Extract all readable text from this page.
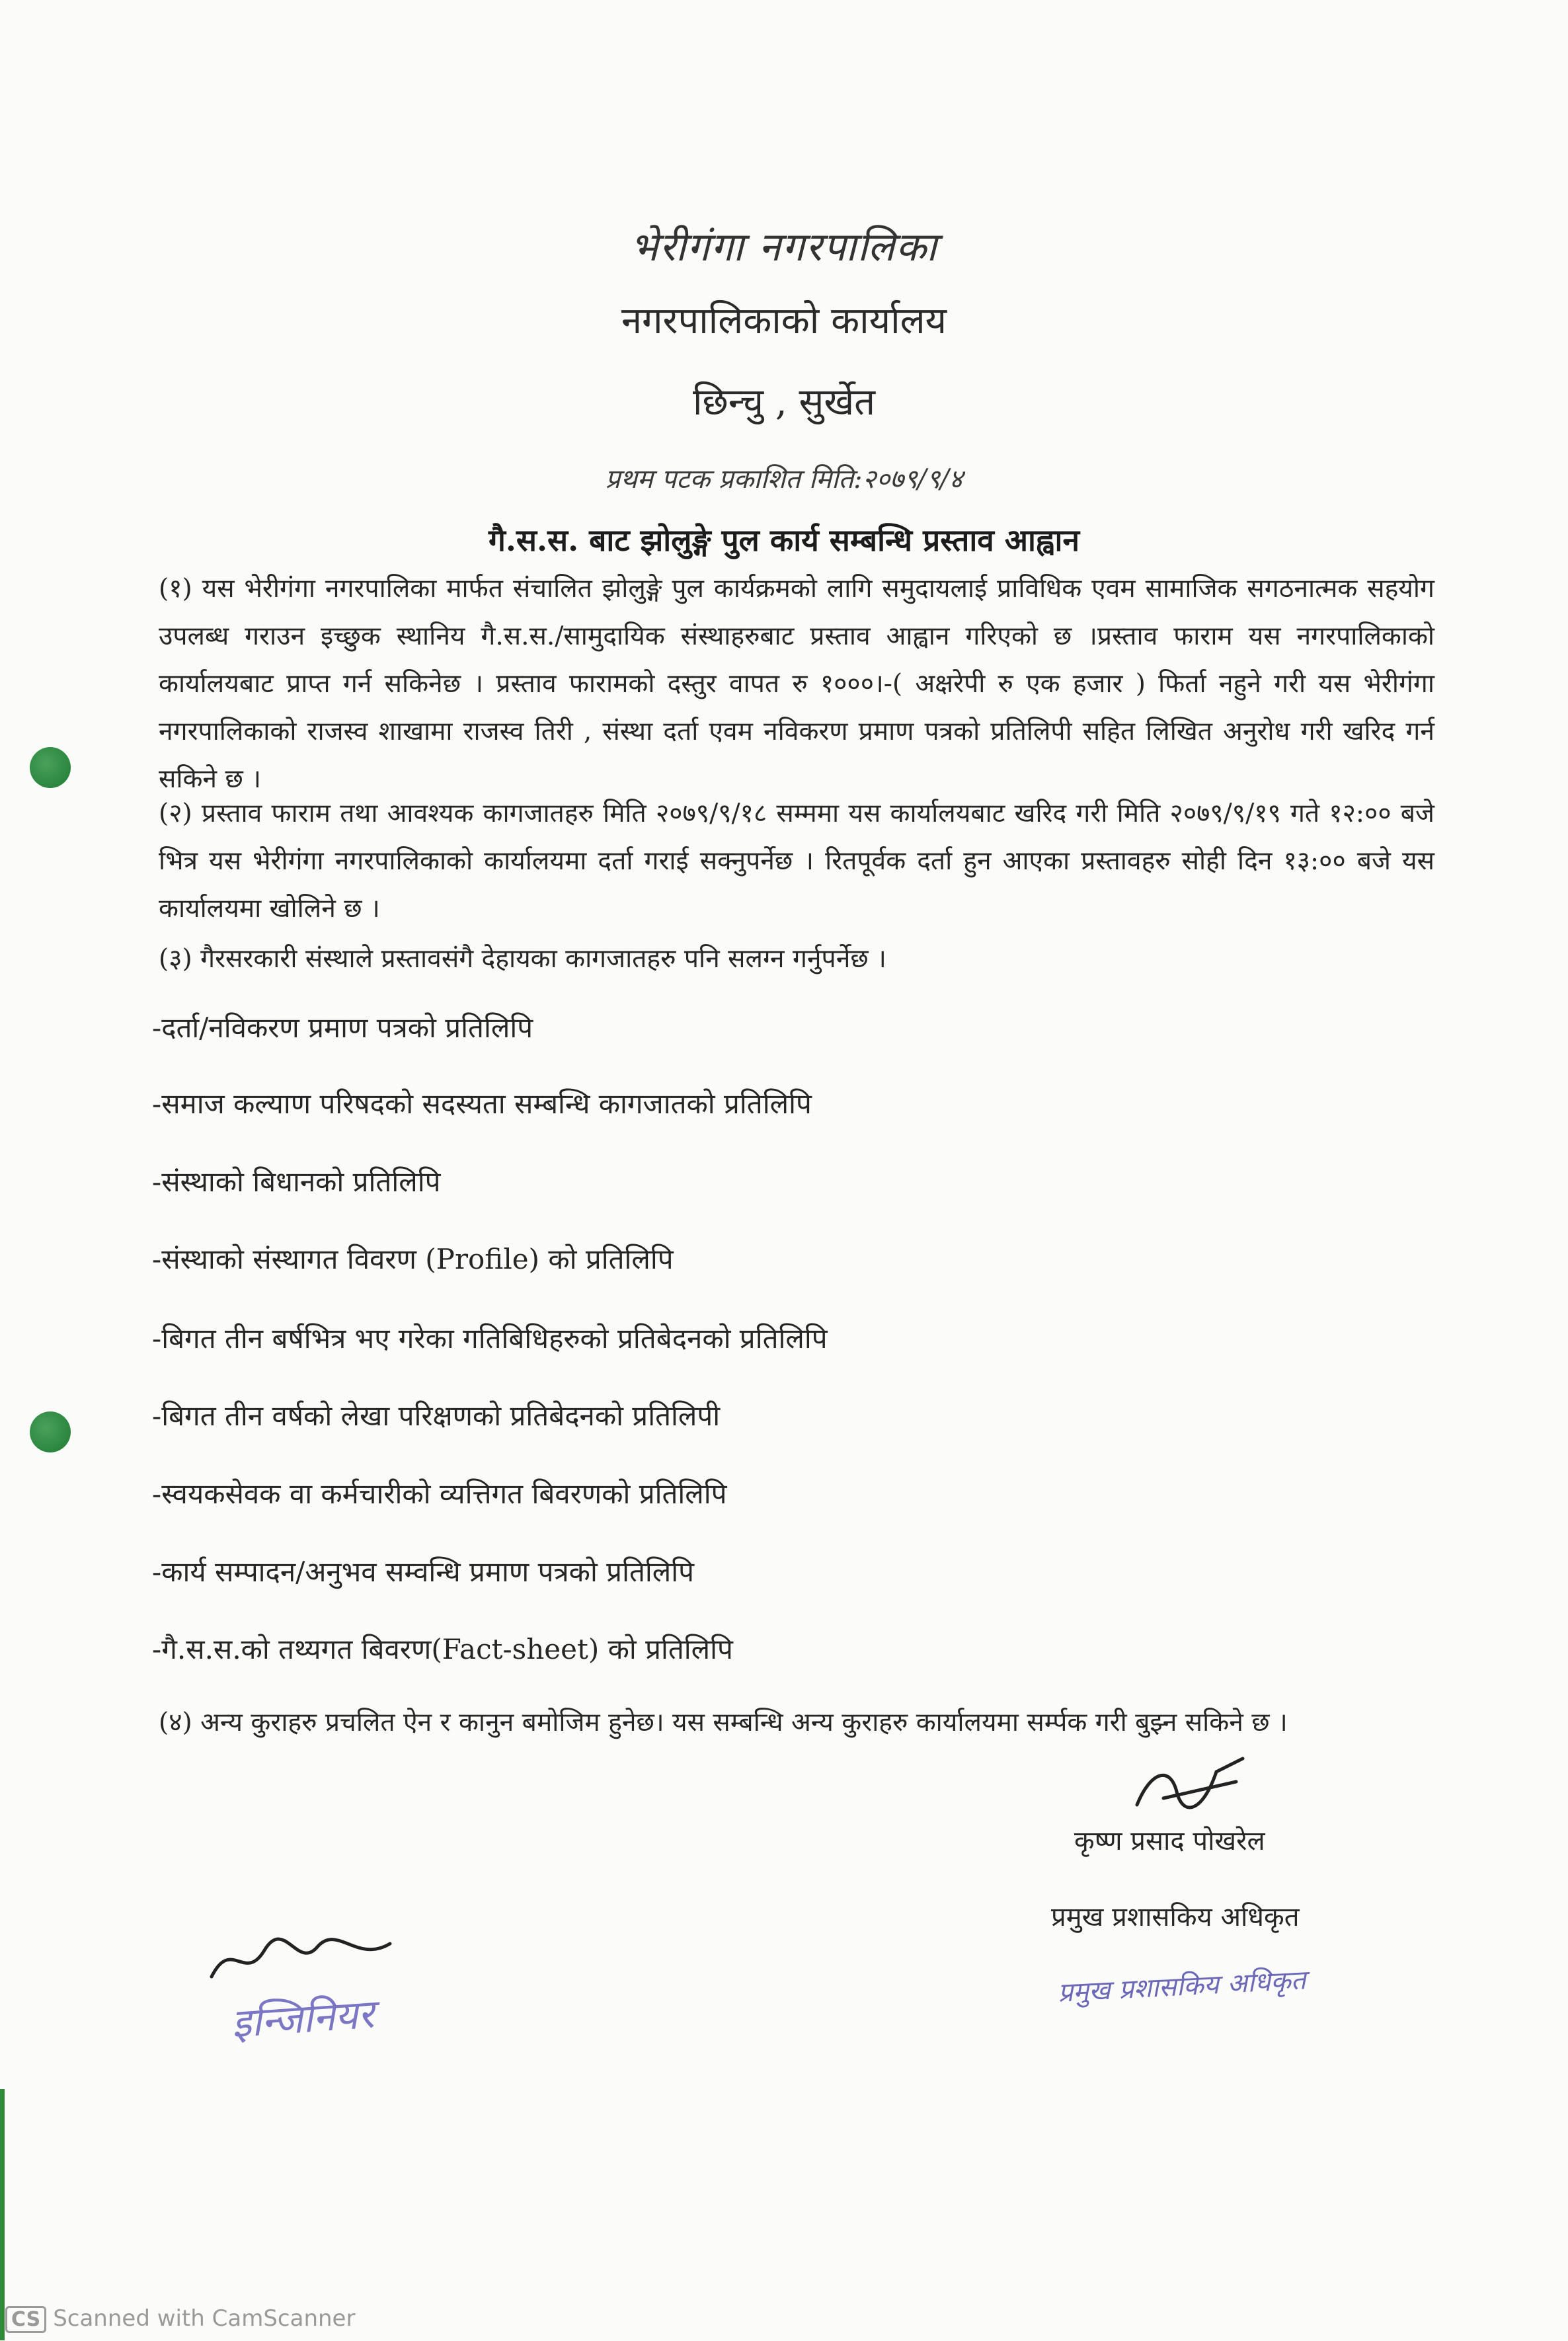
भेरीगंगा नगरपालिका
नगरपालिकाको कार्यालय
छिन्चु , सुर्खेत
प्रथम पटक प्रकाशित मिति:२०७९/९/४
गै.स.स. बाट झोलुङ्गे पुल कार्य सम्बन्धि प्रस्ताव आह्वान
(१) यस भेरीगंगा नगरपालिका मार्फत संचालित झोलुङ्गे पुल कार्यक्रमको लागि समुदायलाई प्राविधिक एवम सामाजिक सगठनात्मक सहयोग उपलब्ध गराउन इच्छुक स्थानिय गै.स.स./सामुदायिक संस्थाहरुबाट प्रस्ताव आह्वान गरिएको छ ।प्रस्ताव फाराम यस नगरपालिकाको कार्यालयबाट प्राप्त गर्न सकिनेछ । प्रस्ताव फारामको दस्तुर वापत रु १०००।-( अक्षरेपी रु एक हजार ) फिर्ता नहुने गरी यस भेरीगंगा नगरपालिकाको राजस्व शाखामा राजस्व तिरी , संस्था दर्ता एवम नविकरण प्रमाण पत्रको प्रतिलिपी सहित लिखित अनुरोध गरी खरिद गर्न सकिने छ ।
(२) प्रस्ताव फाराम तथा आवश्यक कागजातहरु मिति २०७९/९/१८ सम्ममा यस कार्यालयबाट खरिद गरी मिति २०७९/९/१९ गते १२:०० बजे भित्र यस भेरीगंगा नगरपालिकाको कार्यालयमा दर्ता गराई सक्नुपर्नेछ । रितपूर्वक दर्ता हुन आएका प्रस्तावहरु सोही दिन १३:०० बजे यस कार्यालयमा खोलिने छ ।
(३) गैरसरकारी संस्थाले प्रस्तावसंगै देहायका कागजातहरु पनि सलग्न गर्नुपर्नेछ ।
-दर्ता/नविकरण प्रमाण पत्रको प्रतिलिपि
-समाज कल्याण परिषदको सदस्यता सम्बन्धि कागजातको प्रतिलिपि
-संस्थाको बिधानको प्रतिलिपि
-संस्थाको संस्थागत विवरण (Profile) को प्रतिलिपि
-बिगत तीन बर्षभित्र भए गरेका गतिबिधिहरुको प्रतिबेदनको प्रतिलिपि
-बिगत तीन वर्षको लेखा परिक्षणको प्रतिबेदनको प्रतिलिपी
-स्वयकसेवक वा कर्मचारीको व्यत्तिगत बिवरणको प्रतिलिपि
-कार्य सम्पादन/अनुभव सम्वन्धि प्रमाण पत्रको प्रतिलिपि
-गै.स.स.को तथ्यगत बिवरण(Fact-sheet) को प्रतिलिपि
(४) अन्य कुराहरु प्रचलित ऐन र कानुन बमोजिम हुनेछ। यस सम्बन्धि अन्य कुराहरु कार्यालयमा सर्म्पक गरी बुझ्न सकिने छ ।
कृष्ण प्रसाद पोखरेल
प्रमुख प्रशासकिय अधिकृत
प्रमुख प्रशासकिय अधिकृत
इन्जिनियर
CS Scanned with CamScanner
